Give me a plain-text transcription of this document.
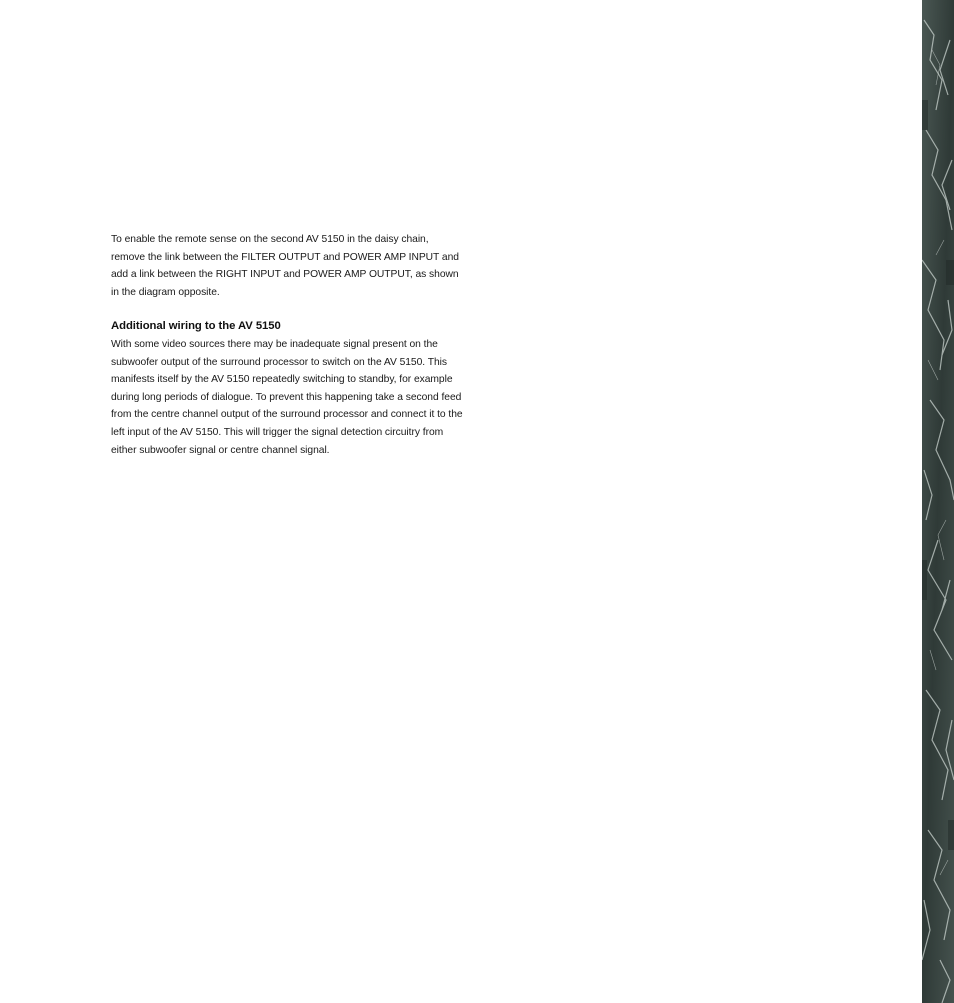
To enable the remote sense on the second AV 5150 in the daisy chain, remove the link between the FILTER OUTPUT and POWER AMP INPUT and add a link between the RIGHT INPUT and POWER AMP OUTPUT, as shown in the diagram opposite.

Additional wiring to the AV 5150

With some video sources there may be inadequate signal present on the subwoofer output of the surround processor to switch on the AV 5150. This manifests itself by the AV 5150 repeatedly switching to standby, for example during long periods of dialogue. To prevent this happening take a second feed from the centre channel output of the surround processor and connect it to the left input of the AV 5150. This will trigger the signal detection circuitry from either subwoofer signal or centre channel signal.
